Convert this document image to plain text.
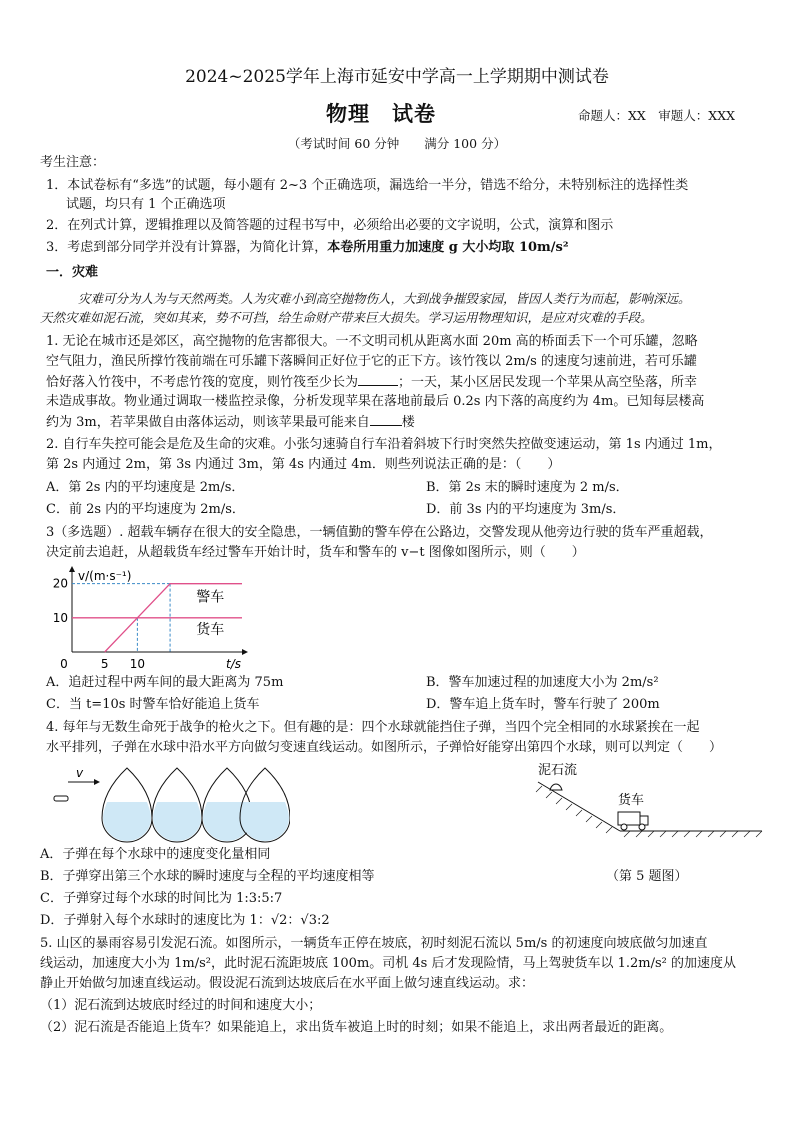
2024~2025学年上海市延安中学高一上学期期中测试卷
物理　试卷	命题人：XX　审题人：XXX
（考试时间 60 分钟　　满分 100 分）
考生注意：
1．本试卷标有“多选”的试题，每小题有 2~3 个正确选项，漏选给一半分，错选不给分，未特别标注的选择性类
试题，均只有 1 个正确选项
2．在列式计算，逻辑推理以及简答题的过程书写中，必须给出必要的文字说明，公式，演算和图示
3．考虑到部分同学并没有计算器，为简化计算，本卷所用重力加速度 g 大小均取 10m/s²
一．灾难
灾难可分为人为与天然两类。人为灾难小到高空抛物伤人，大到战争摧毁家园，皆因人类行为而起，影响深远。
天然灾难如泥石流，突如其来，势不可挡，给生命财产带来巨大损失。学习运用物理知识，是应对灾难的手段。
1. 无论在城市还是郊区，高空抛物的危害都很大。一不文明司机从距离水面 20m 高的桥面丢下一个可乐罐，忽略
空气阻力，渔民所撑竹筏前端在可乐罐下落瞬间正好位于它的正下方。该竹筏以 2m/s 的速度匀速前进，若可乐罐
恰好落入竹筏中，不考虑竹筏的宽度，则竹筏至少长为	；一天，某小区居民发现一个苹果从高空坠落，所幸
未造成事故。物业通过调取一楼监控录像，分析发现苹果在落地前最后 0.2s 内下落的高度约为 4m。已知每层楼高
约为 3m，若苹果做自由落体运动，则该苹果最可能来自 楼
2. 自行车失控可能会是危及生命的灾难。小张匀速骑自行车沿着斜坡下行时突然失控做变速运动，第 1s 内通过 1m，
第 2s 内通过 2m，第 3s 内通过 3m，第 4s 内通过 4m．则些列说法正确的是：（　　）
A．第 2s 内的平均速度是 2m/s．	B．第 2s 末的瞬时速度为 2 m/s．
C．前 2s 内的平均速度为 2m/s．	D．前 3s 内的平均速度为 3m/s．
3（多选题）. 超载车辆存在很大的安全隐患，一辆值勤的警车停在公路边，交警发现从他旁边行驶的货车严重超载，
决定前去追赶，从超载货车经过警车开始计时，货车和警车的 v−t 图像如图所示，则（　　）
v/(m·s⁻¹)
t/s
10
20
0	5 10
警车
货车
A．追赶过程中两车间的最大距离为 75m	B．警车加速过程的加速度大小为 2m/s²
C．当 t=10s 时警车恰好能追上货车	D．警车追上货车时，警车行驶了 200m
4. 每年与无数生命死于战争的枪火之下。但有趣的是：四个水球就能挡住子弹，当四个完全相同的水球紧挨在一起
水平排列，子弹在水球中沿水平方向做匀变速直线运动。如图所示，子弹恰好能穿出第四个水球，则可以判定（　　）
v	泥石流
货车
A．子弹在每个水球中的速度变化量相同
B．子弹穿出第三个水球的瞬时速度与全程的平均速度相等	（第 5 题图）
C．子弹穿过每个水球的时间比为 1:3:5:7
D．子弹射入每个水球时的速度比为 1：√2：√3:2
5. 山区的暴雨容易引发泥石流。如图所示，一辆货车正停在坡底，初时刻泥石流以 5m/s 的初速度向坡底做匀加速直
线运动，加速度大小为 1m/s²，此时泥石流距坡底 100m。司机 4s 后才发现险情，马上驾驶货车以 1.2m/s² 的加速度从
静止开始做匀加速直线运动。假设泥石流到达坡底后在水平面上做匀速直线运动。求：
（1）泥石流到达坡底时经过的时间和速度大小；
（2）泥石流是否能追上货车？如果能追上，求出货车被追上时的时刻；如果不能追上，求出两者最近的距离。
